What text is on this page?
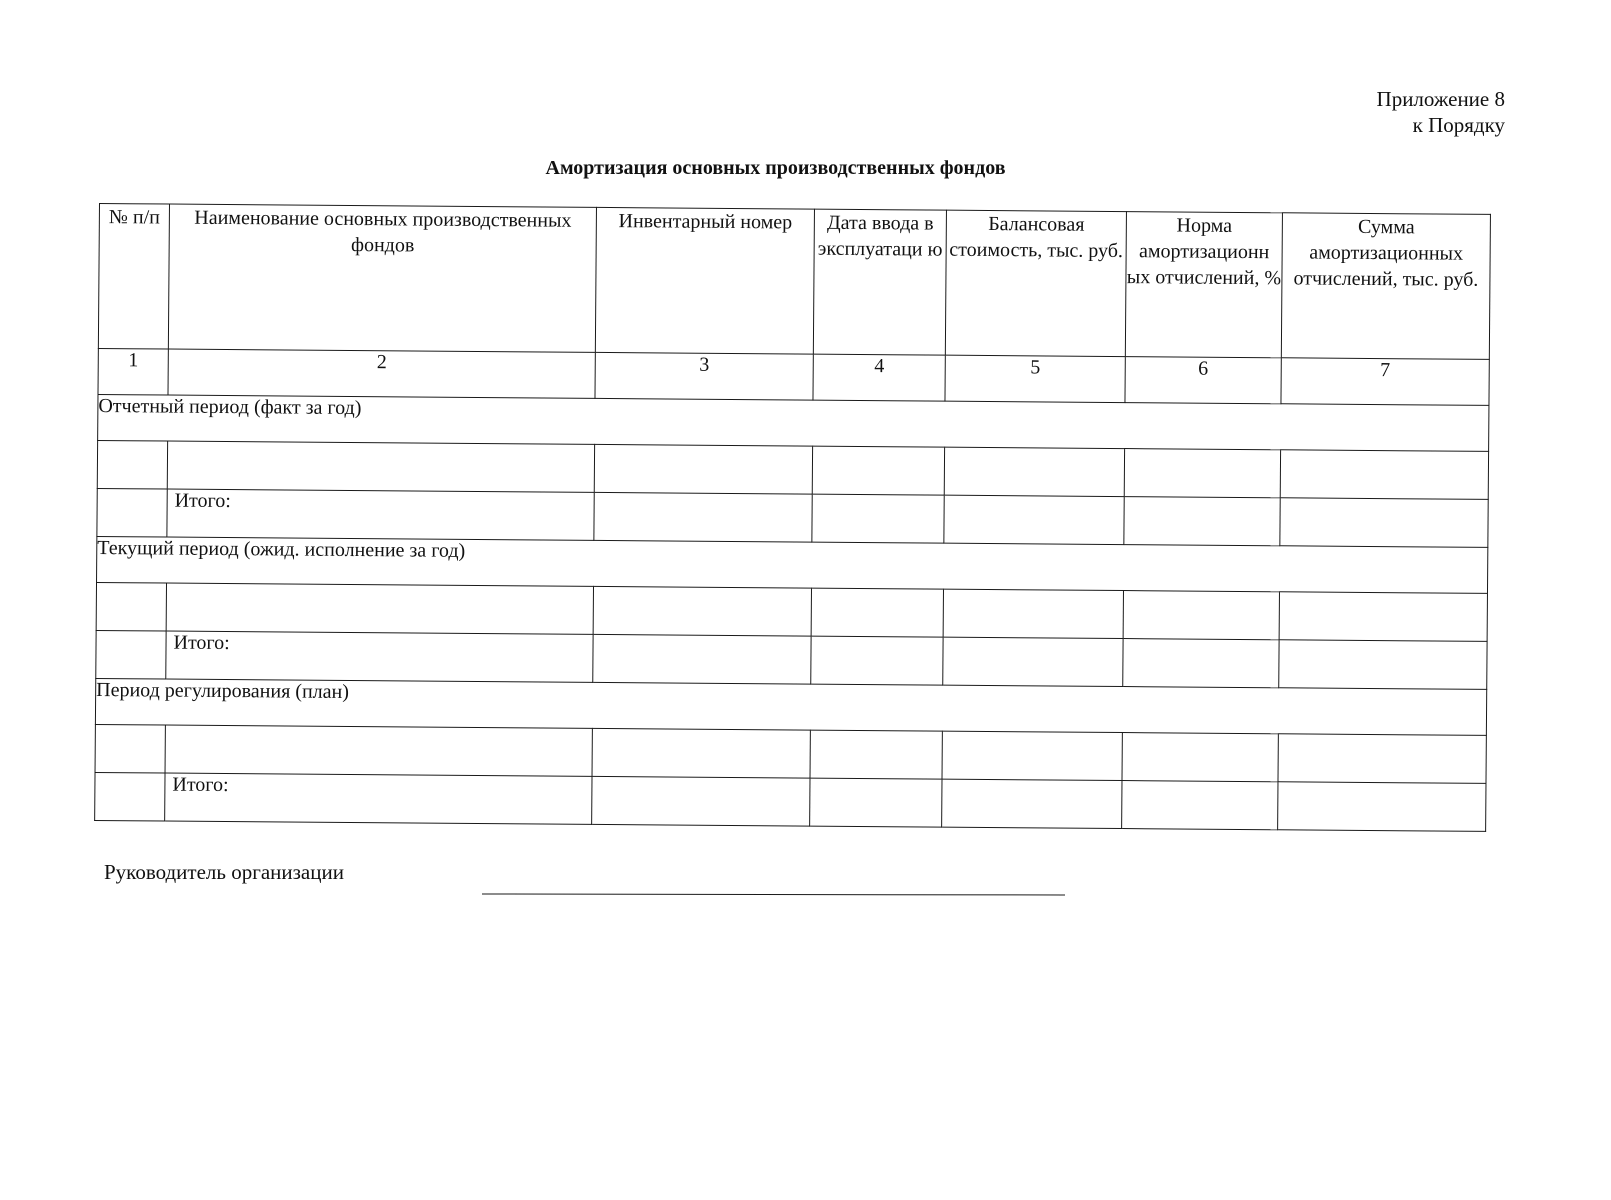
Приложение 8
к Порядку
Амортизация основных производственных фондов
№ п/п	Наименование основных производственных фондов	Инвентарный номер	Дата ввода в эксплуатаци ю	Балансовая стоимость, тыс. руб.	Норма амортизационн ых отчислений, %	Сумма амортизационных отчислений, тыс. руб.
1	2	3	4	5	6	7
Отчетный период (факт за год)						

	Итого:					
Текущий период (ожид. исполнение за год)						

	Итого:					
Период регулирования (план)						

	Итого:					
Руководитель организации
